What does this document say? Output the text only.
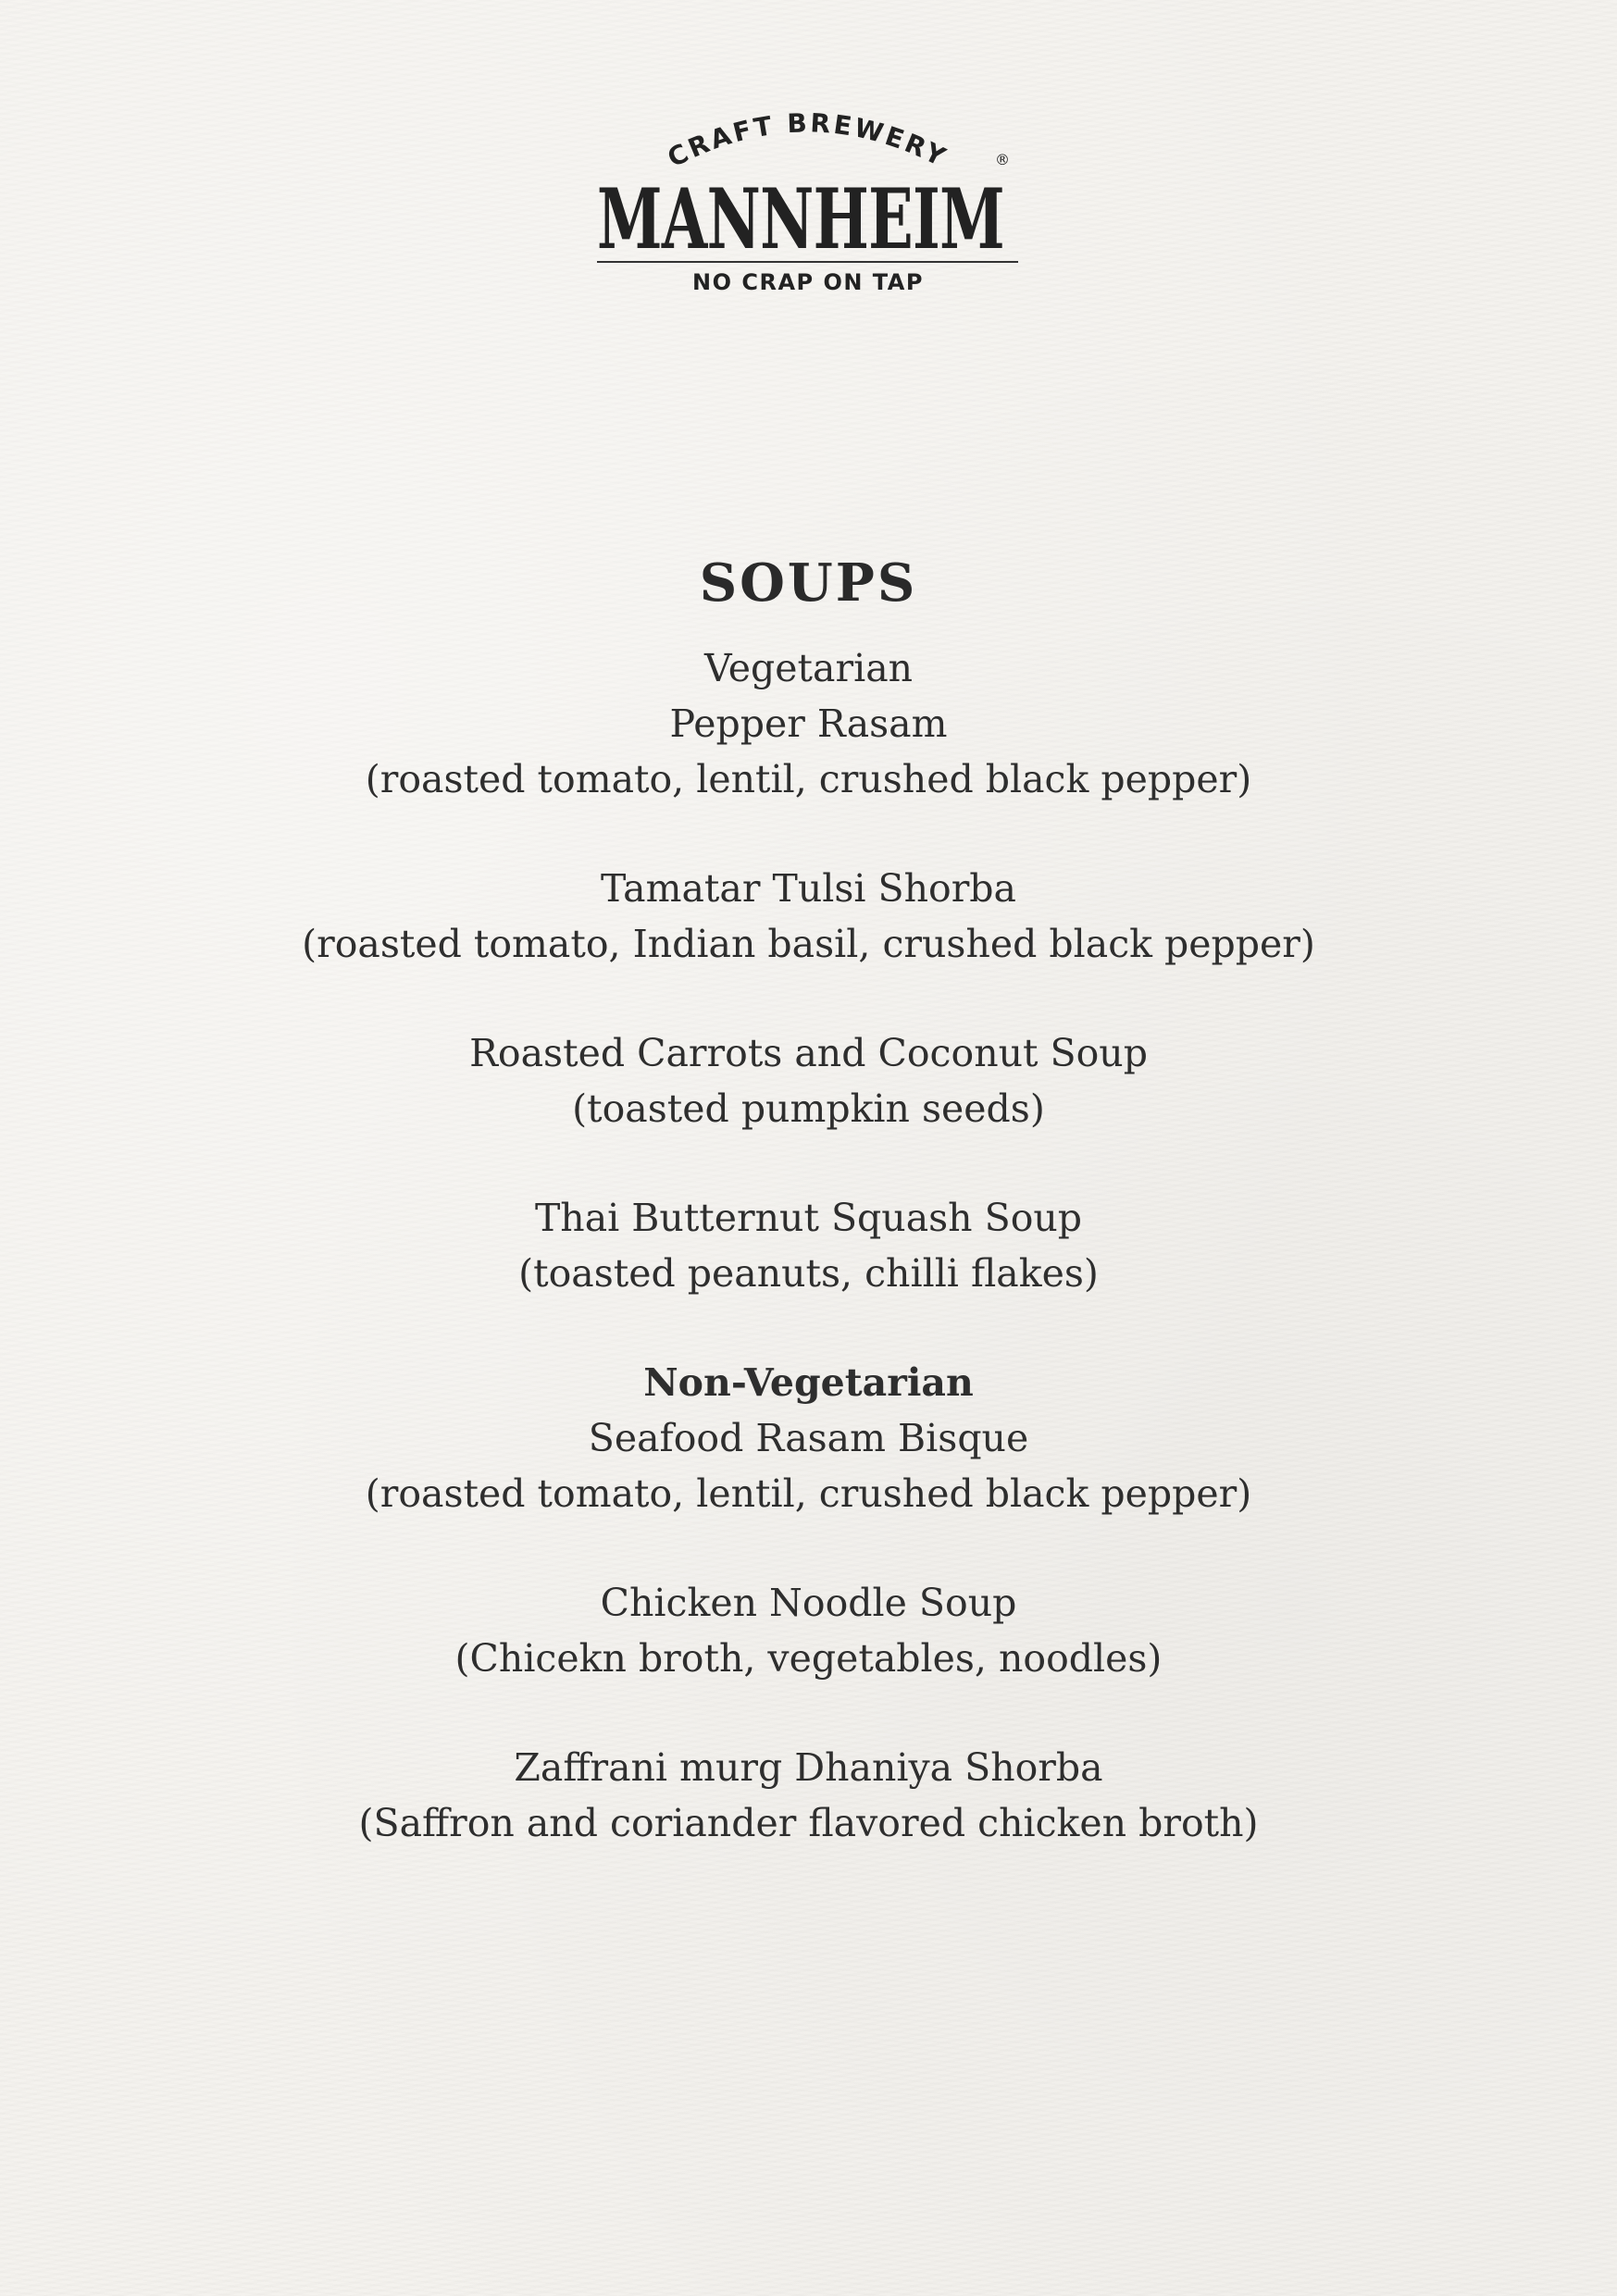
CRAFT BREWERY
MANNHEIM
®
NO CRAP ON TAP
SOUPS
Vegetarian
Pepper Rasam
(roasted tomato, lentil, crushed black pepper)
Tamatar Tulsi Shorba
(roasted tomato, Indian basil, crushed black pepper)
Roasted Carrots and Coconut Soup
(toasted pumpkin seeds)
Thai Butternut Squash Soup
(toasted peanuts, chilli flakes)
Non-Vegetarian
Seafood Rasam Bisque
(roasted tomato, lentil, crushed black pepper)
Chicken Noodle Soup
(Chicekn broth, vegetables, noodles)
Zaffrani murg Dhaniya Shorba
(Saffron and coriander flavored chicken broth)
